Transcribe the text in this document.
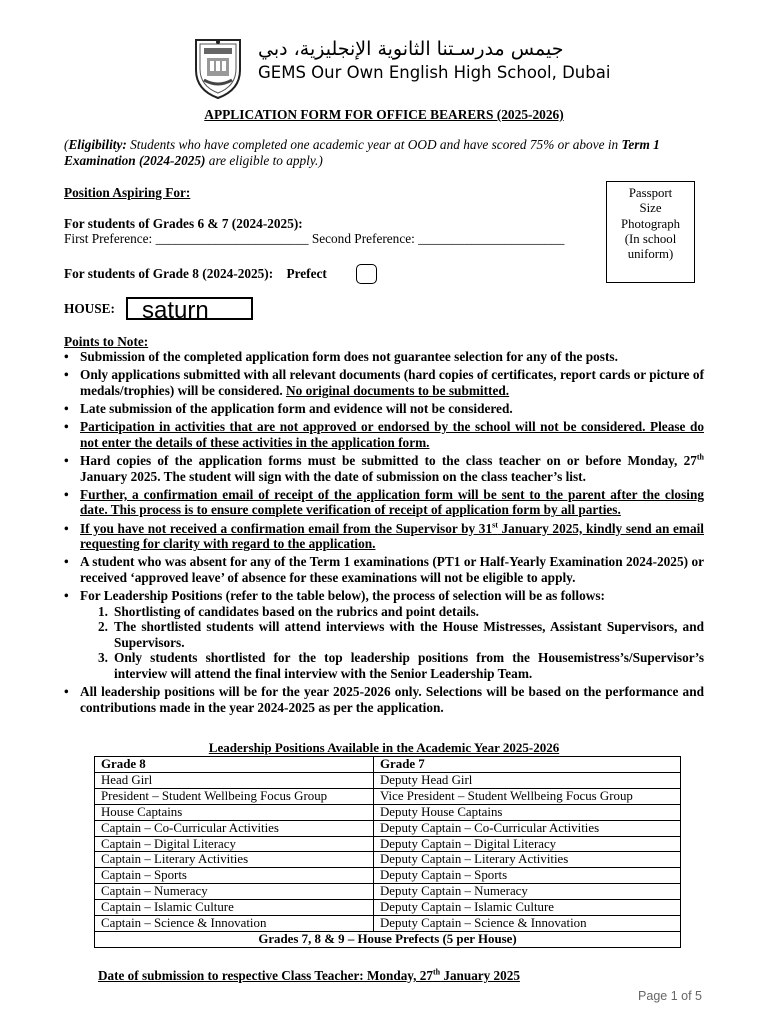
جيمس مدرسـتنا الثانوية الإنجليزية، دبي
GEMS Our Own English High School, Dubai
APPLICATION FORM FOR OFFICE BEARERS (2025-2026)
(Eligibility: Students who have completed one academic year at OOD and have scored 75% or above in Term 1 Examination (2024-2025) are eligible to apply.)
Position Aspiring For:	Passport
Size
Photograph
(In school
uniform)
For students of Grades 6 & 7 (2024-2025):
First Preference: _______________________ Second Preference: ______________________
For students of Grade 8 (2024-2025): Prefect
HOUSE:	saturn
Points to Note:
• Submission of the completed application form does not guarantee selection for any of the posts.
• Only applications submitted with all relevant documents (hard copies of certificates, report cards or picture of medals/trophies) will be considered. No original documents to be submitted.
• Late submission of the application form and evidence will not be considered.
• Participation in activities that are not approved or endorsed by the school will not be considered. Please do not enter the details of these activities in the application form.
• Hard copies of the application forms must be submitted to the class teacher on or before Monday, 27th January 2025. The student will sign with the date of submission on the class teacher’s list.
• Further, a confirmation email of receipt of the application form will be sent to the parent after the closing date. This process is to ensure complete verification of receipt of application form by all parties.
• If you have not received a confirmation email from the Supervisor by 31st January 2025, kindly send an email requesting for clarity with regard to the application.
• A student who was absent for any of the Term 1 examinations (PT1 or Half-Yearly Examination 2024-2025) or received ‘approved leave’ of absence for these examinations will not be eligible to apply.
• For Leadership Positions (refer to the table below), the process of selection will be as follows:
1. Shortlisting of candidates based on the rubrics and point details.
2. The shortlisted students will attend interviews with the House Mistresses, Assistant Supervisors, and Supervisors.
3. Only students shortlisted for the top leadership positions from the Housemistress’s/Supervisor’s interview will attend the final interview with the Senior Leadership Team.
• All leadership positions will be for the year 2025-2026 only. Selections will be based on the performance and contributions made in the year 2024-2025 as per the application.
Leadership Positions Available in the Academic Year 2025-2026
Grade 8	Grade 7
Head Girl	Deputy Head Girl
President – Student Wellbeing Focus Group	Vice President – Student Wellbeing Focus Group
House Captains	Deputy House Captains
Captain – Co-Curricular Activities	Deputy Captain – Co-Curricular Activities
Captain – Digital Literacy	Deputy Captain – Digital Literacy
Captain – Literary Activities	Deputy Captain – Literary Activities
Captain – Sports	Deputy Captain – Sports
Captain – Numeracy	Deputy Captain – Numeracy
Captain – Islamic Culture	Deputy Captain – Islamic Culture
Captain – Science & Innovation	Deputy Captain – Science & Innovation
Grades 7, 8 & 9 – House Prefects (5 per House)	
Date of submission to respective Class Teacher: Monday, 27th January 2025
Page 1 of 5
